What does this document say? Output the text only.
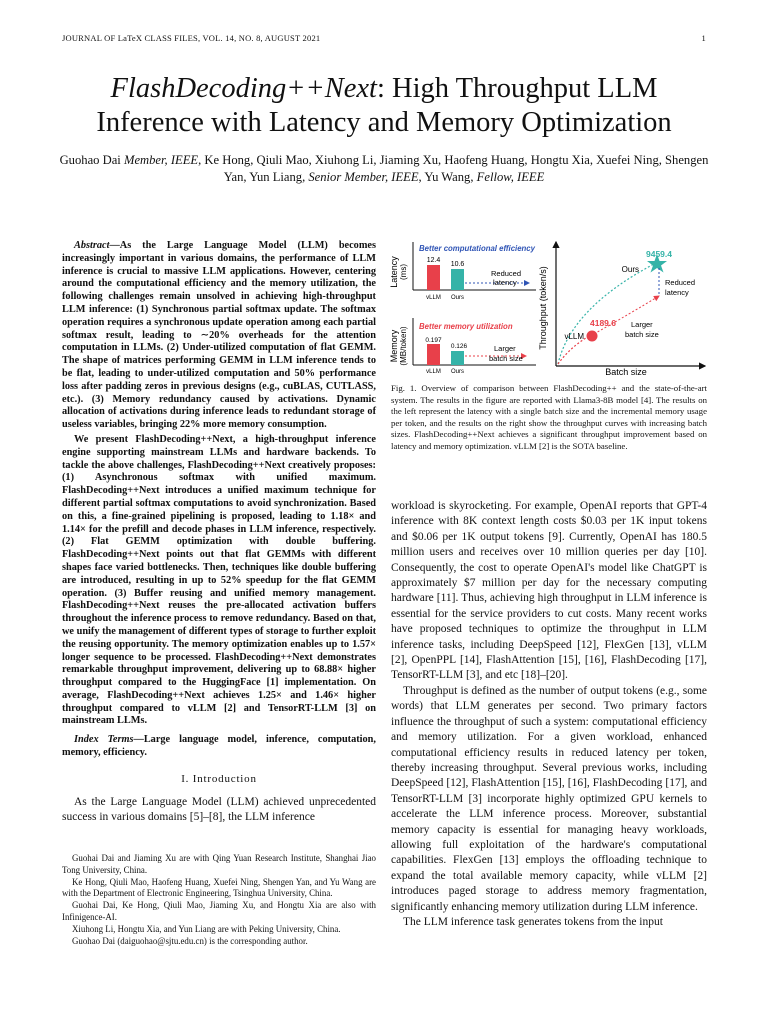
JOURNAL OF LaTeX CLASS FILES, VOL. 14, NO. 8, AUGUST 2021	1
FlashDecoding++Next: High Throughput LLM
Inference with Latency and Memory Optimization
Guohao Dai Member, IEEE, Ke Hong, Qiuli Mao, Xiuhong Li, Jiaming Xu, Haofeng Huang, Hongtu Xia, Xuefei Ning, Shengen Yan, Yun Liang, Senior Member, IEEE, Yu Wang, Fellow, IEEE

Abstract—As the Large Language Model (LLM) becomes increasingly important in various domains, the performance of LLM inference is crucial to massive LLM applications. However, centering around the computational efficiency and the memory utilization, the following challenges remain unsolved in achieving high-throughput LLM inference: (1) Synchronous partial softmax update. The softmax operation requires a synchronous update operation among each partial softmax result, leading to ∼20% overheads for the attention computation in LLMs. (2) Under-utilized computation of flat GEMM. The shape of matrices performing GEMM in LLM inference tends to be flat, leading to under-utilized computation and 50% performance loss after padding zeros in previous designs (e.g., cuBLAS, CUTLASS, etc.). (3) Memory redundancy caused by activations. Dynamic allocation of activations during inference leads to redundant storage of useless variables, bringing 22% more memory consumption.

We present FlashDecoding++Next, a high-throughput inference engine supporting mainstream LLMs and hardware backends. To tackle the above challenges, FlashDecoding++Next creatively proposes: (1) Asynchronous softmax with unified maximum. FlashDecoding++Next introduces a unified maximum technique for different partial softmax computations to avoid synchronization. Based on this, a fine-grained pipelining is proposed, leading to 1.18× and 1.14× for the prefill and decode phases in LLM inference, respectively. (2) Flat GEMM optimization with double buffering. FlashDecoding++Next points out that flat GEMMs with different shapes face varied bottlenecks. Then, techniques like double buffering are introduced, resulting in up to 52% speedup for the flat GEMM operation. (3) Buffer reusing and unified memory management. FlashDecoding++Next reuses the pre-allocated activation buffers throughout the inference process to remove redundancy. Based on that, we unify the management of different types of storage to further exploit the reusing opportunity. The memory optimization enables up to 1.57× longer sequence to be processed. FlashDecoding++Next demonstrates remarkable throughput improvement, delivering up to 68.88× higher throughput compared to the HuggingFace [1] implementation. On average, FlashDecoding++Next achieves 1.25× and 1.46× higher throughput compared to vLLM [2] and TensorRT-LLM [3] on mainstream LLMs.

Index Terms—Large language model, inference, computation, memory, efficiency.

I. Introduction

As the Large Language Model (LLM) achieved unprecedented success in various domains [5]–[8], the LLM inference

Guohai Dai and Jiaming Xu are with Qing Yuan Research Institute, Shanghai Jiao Tong University, China.

Ke Hong, Qiuli Mao, Haofeng Huang, Xuefei Ning, Shengen Yan, and Yu Wang are with the Department of Electronic Engineering, Tsinghua University, China.

Guohai Dai, Ke Hong, Qiuli Mao, Jiaming Xu, and Hongtu Xia are also with Infinigence-AI.

Xiuhong Li, Hongtu Xia, and Yun Liang are with Peking University, China.

Guohao Dai (daiguohao@sjtu.edu.cn) is the corresponding author.

Latency (ms)
Better computational efficiency
12.4
10.6
vLLM Ours
Reduced
latency
Memory (MB/token) Better memory utilization
0.197
0.126
vLLM Ours
Larger
batch size
Throughput (token/s)
Batch size
9459.4
Ours
4189.6
vLLM
Reduced
latency
Larger
batch size
Fig. 1. Overview of comparison between FlashDecoding++ and the state-of-the-art system. The results in the figure are reported with Llama3-8B model [4]. The results on the left represent the latency with a single batch size and the incremental memory usage per token, and the results on the right show the throughput curves with increasing batch sizes. FlashDecoding++Next achieves a significant throughput improvement based on latency and memory optimization. vLLM [2] is the SOTA baseline.

workload is skyrocketing. For example, OpenAI reports that GPT-4 inference with 8K context length costs $0.03 per 1K input tokens and $0.06 per 1K output tokens [9]. Currently, OpenAI has 180.5 million users and receives over 10 million queries per day [10]. Consequently, the cost to operate OpenAI's model like ChatGPT is approximately $7 million per day for the necessary computing hardware [11]. Thus, achieving high throughput in LLM inference is essential for the service providers to cut costs. Many recent works have proposed techniques to optimize the throughput in LLM inference tasks, including DeepSpeed [12], FlexGen [13], vLLM [2], OpenPPL [14], FlashAttention [15], [16], FlashDecoding [17], TensorRT-LLM [3], and etc [18]–[20].

Throughput is defined as the number of output tokens (e.g., some words) that LLM generates per second. Two primary factors influence the throughput of such a system: computational efficiency and memory utilization. For a given workload, enhanced computational efficiency results in reduced latency per token, thereby increasing throughput. Several previous works, including DeepSpeed [12], FlashAttention [15], [16], FlashDecoding [17], and TensorRT-LLM [3] incorporate highly optimized GPU kernels to accelerate the LLM inference process. Moreover, substantial memory capacity is essential for managing heavy workloads, allowing full exploitation of the hardware's computational capabilities. FlexGen [13] employs the offloading technique to expand the total available memory capacity, while vLLM [2] introduces paged storage to address memory fragmentation, significantly enhancing memory utilization during LLM inference.

The LLM inference task generates tokens from the input
